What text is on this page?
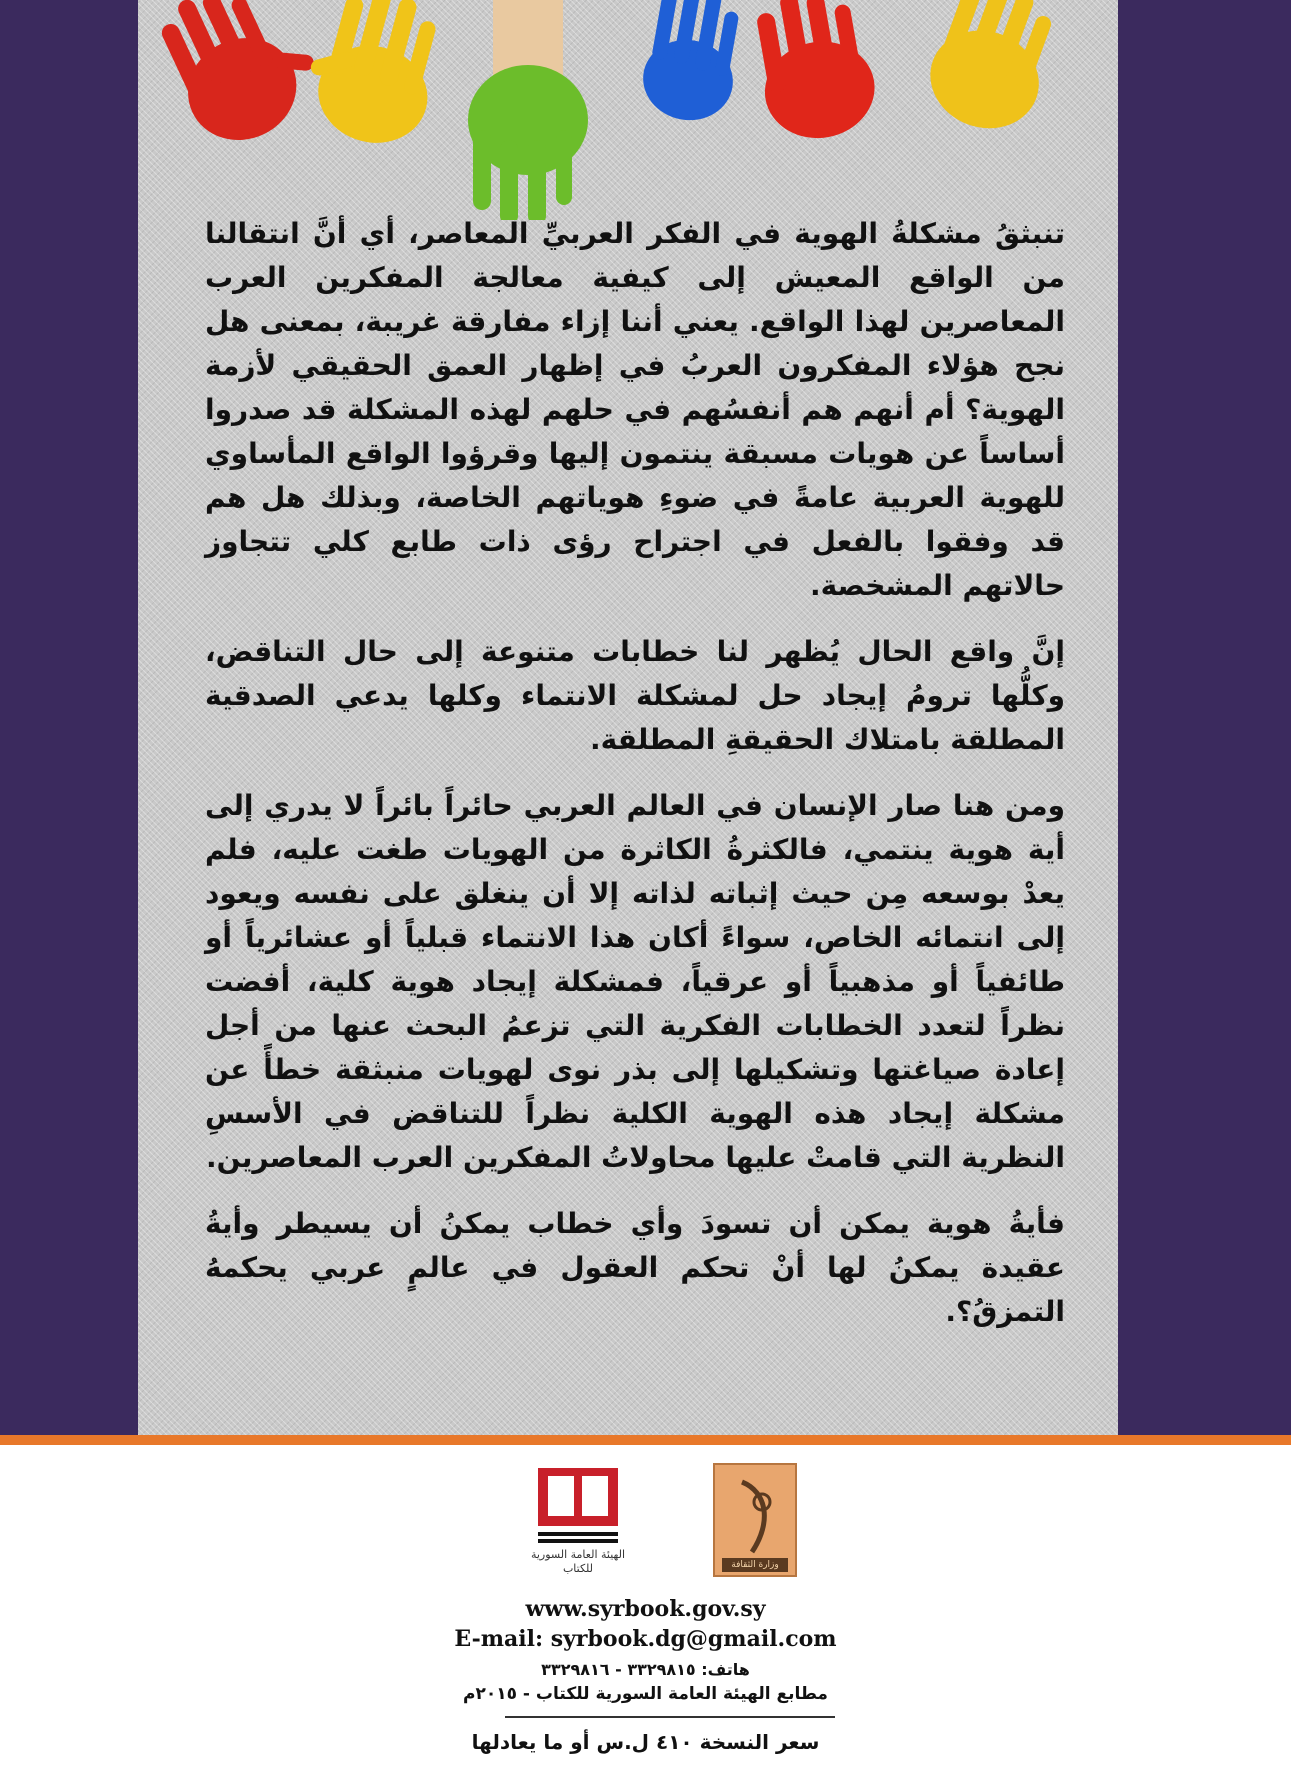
تنبثقُ مشكلةُ الهوية في الفكر العربيِّ المعاصر، أي أنَّ انتقالنا من الواقع المعيش إلى كيفية معالجة المفكرين العرب المعاصرين لهذا الواقع. يعني أننا إزاء مفارقة غريبة، بمعنى هل نجح هؤلاء المفكرون العربُ في إظهار العمق الحقيقي لأزمة الهوية؟ أم أنهم هم أنفسُهم في حلهم لهذه المشكلة قد صدروا أساساً عن هويات مسبقة ينتمون إليها وقرؤوا الواقع المأساوي للهوية العربية عامةً في ضوءِ هوياتهم الخاصة، وبذلك هل هم قد وفقوا بالفعل في اجتراح رؤى ذات طابع كلي تتجاوز حالاتهم المشخصة.

إنَّ واقع الحال يُظهر لنا خطابات متنوعة إلى حال التناقض، وكلُّها ترومُ إيجاد حل لمشكلة الانتماء وكلها يدعي الصدقية المطلقة بامتلاك الحقيقةِ المطلقة.

ومن هنا صار الإنسان في العالم العربي حائراً بائراً لا يدري إلى أية هوية ينتمي، فالكثرةُ الكاثرة من الهويات طغت عليه، فلم يعدْ بوسعه مِن حيث إثباته لذاته إلا أن ينغلق على نفسه ويعود إلى انتمائه الخاص، سواءً أكان هذا الانتماء قبلياً أو عشائرياً أو طائفياً أو مذهبياً أو عرقياً، فمشكلة إيجاد هوية كلية، أفضت نظراً لتعدد الخطابات الفكرية التي تزعمُ البحث عنها من أجل إعادة صياغتها وتشكيلها إلى بذر نوى لهويات منبثقة خطأً عن مشكلة إيجاد هذه الهوية الكلية نظراً للتناقض في الأسسِ النظرية التي قامتْ عليها محاولاتُ المفكرين العرب المعاصرين.

فأيةُ هوية يمكن أن تسودَ وأي خطاب يمكنُ أن يسيطر وأيةُ عقيدة يمكنُ لها أنْ تحكم العقول في عالمٍ عربي يحكمهُ التمزقُ؟.

الهيئة العامة السورية للكتاب	وزارة الثقافة
www.syrbook.gov.sy
E-mail: syrbook.dg@gmail.com
هاتف: ٣٣٢٩٨١٥ - ٣٣٢٩٨١٦
مطابع الهيئة العامة السورية للكتاب - ٢٠١٥م
سعر النسخة ٤١٠ ل.س أو ما يعادلها
